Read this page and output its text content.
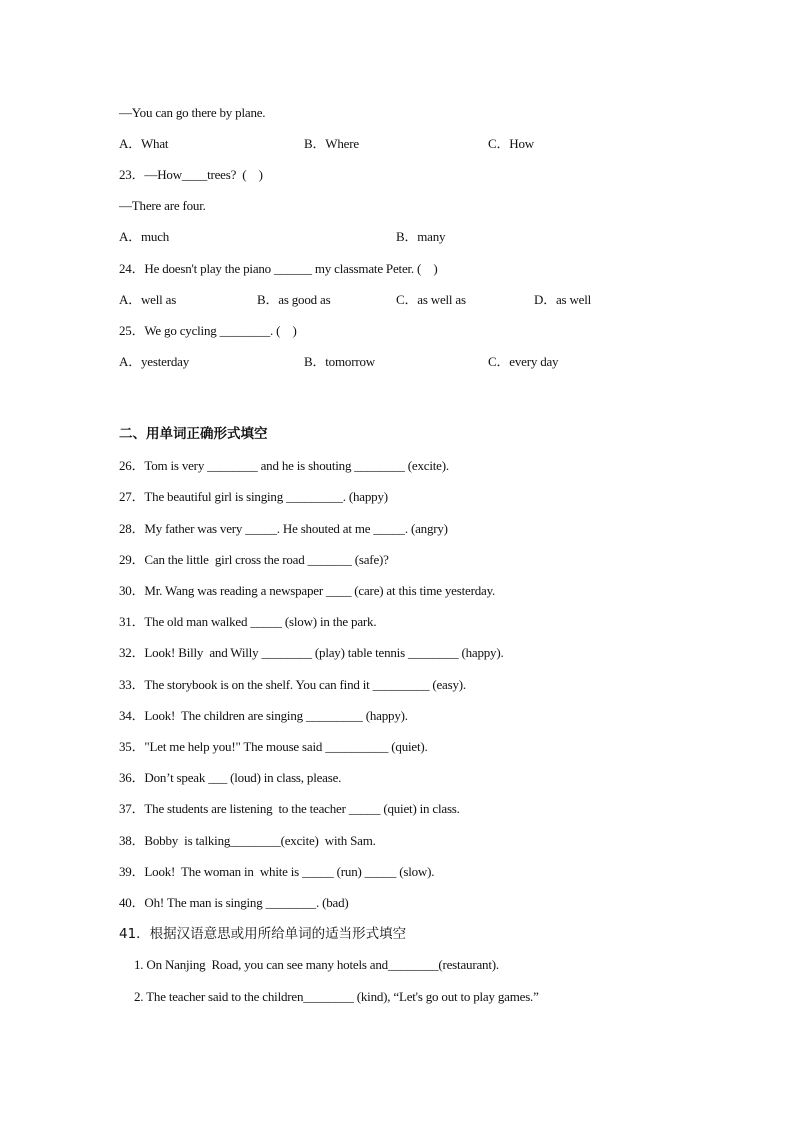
—You can go there by plane.
A．What	B．Where	C．How
23．—How____trees?  (    )
—There are four.
A．much	B．many
24．He doesn't play the piano ______ my classmate Peter. (    )
A．well as	B．as good as	C．as well as	D．as well
25．We go cycling ________. (    )
A．yesterday	B．tomorrow	C．every day
二、用单词正确形式填空
26．Tom is very ________ and he is shouting ________ (excite).
27．The beautiful girl is singing _________. (happy)
28．My father was very _____. He shouted at me _____. (angry)
29．Can the little  girl cross the road _______ (safe)?
30．Mr. Wang was reading a newspaper ____ (care) at this time yesterday.
31．The old man walked _____ (slow) in the park.
32．Look! Billy  and Willy ________ (play) table tennis ________ (happy).
33．The storybook is on the shelf. You can find it _________ (easy).
34．Look!  The children are singing _________ (happy).
35．"Let me help you!" The mouse said __________ (quiet).
36．Don’t speak ___ (loud) in class, please.
37．The students are listening  to the teacher _____ (quiet) in class.
38．Bobby  is talking________(excite)  with Sam.
39．Look!  The woman in  white is _____ (run) _____ (slow).
40．Oh! The man is singing ________. (bad)
41．根据汉语意思或用所给单词的适当形式填空
1. On Nanjing  Road, you can see many hotels and________(restaurant).
2. The teacher said to the children________ (kind), “Let's go out to play games.”
